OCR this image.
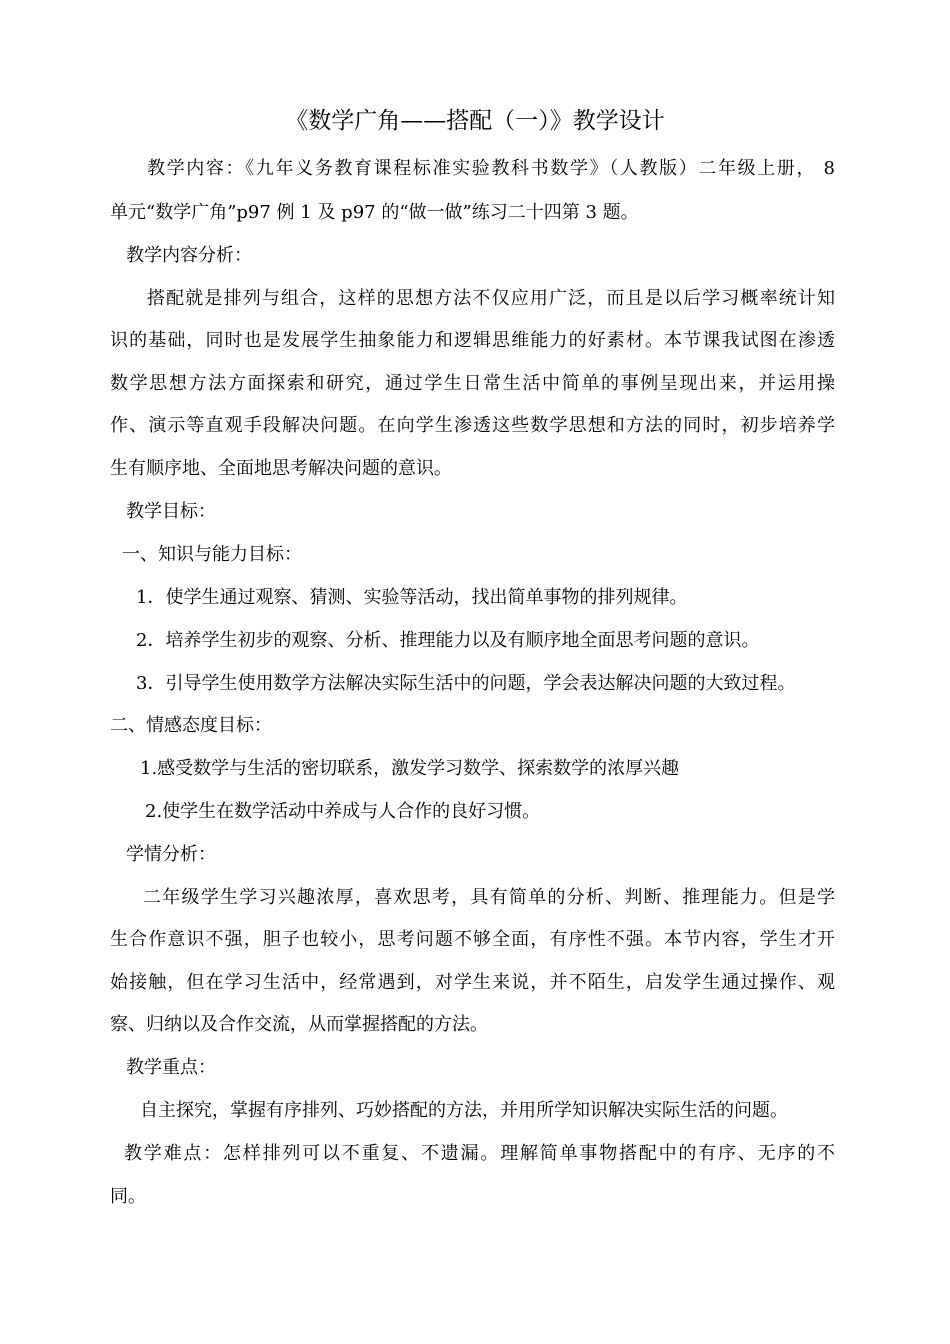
《数学广角——搭配（一）》教学设计
教学内容：《九年义务教育课程标准实验教科书数学》（人教版）二年级上册， 8
单元“数学广角”p97 例 1 及 p97 的“做一做”练习二十四第 3 题。
教学内容分析：
搭配就是排列与组合，这样的思想方法不仅应用广泛，而且是以后学习概率统计知
识的基础，同时也是发展学生抽象能力和逻辑思维能力的好素材。本节课我试图在渗透
数学思想方法方面探索和研究，通过学生日常生活中简单的事例呈现出来，并运用操
作、演示等直观手段解决问题。在向学生渗透这些数学思想和方法的同时，初步培养学
生有顺序地、全面地思考解决问题的意识。
教学目标：
一、知识与能力目标：
1．使学生通过观察、猜测、实验等活动，找出简单事物的排列规律。
2．培养学生初步的观察、分析、推理能力以及有顺序地全面思考问题的意识。
3．引导学生使用数学方法解决实际生活中的问题，学会表达解决问题的大致过程。
二、情感态度目标：
1.感受数学与生活的密切联系，激发学习数学、探索数学的浓厚兴趣
2.使学生在数学活动中养成与人合作的良好习惯。
学情分析：
二年级学生学习兴趣浓厚，喜欢思考，具有简单的分析、判断、推理能力。但是学
生合作意识不强，胆子也较小，思考问题不够全面，有序性不强。本节内容，学生才开
始接触，但在学习生活中，经常遇到，对学生来说，并不陌生，启发学生通过操作、观
察、归纳以及合作交流，从而掌握搭配的方法。
教学重点：
自主探究，掌握有序排列、巧妙搭配的方法，并用所学知识解决实际生活的问题。
教学难点：怎样排列可以不重复、不遗漏。理解简单事物搭配中的有序、无序的不
同。
